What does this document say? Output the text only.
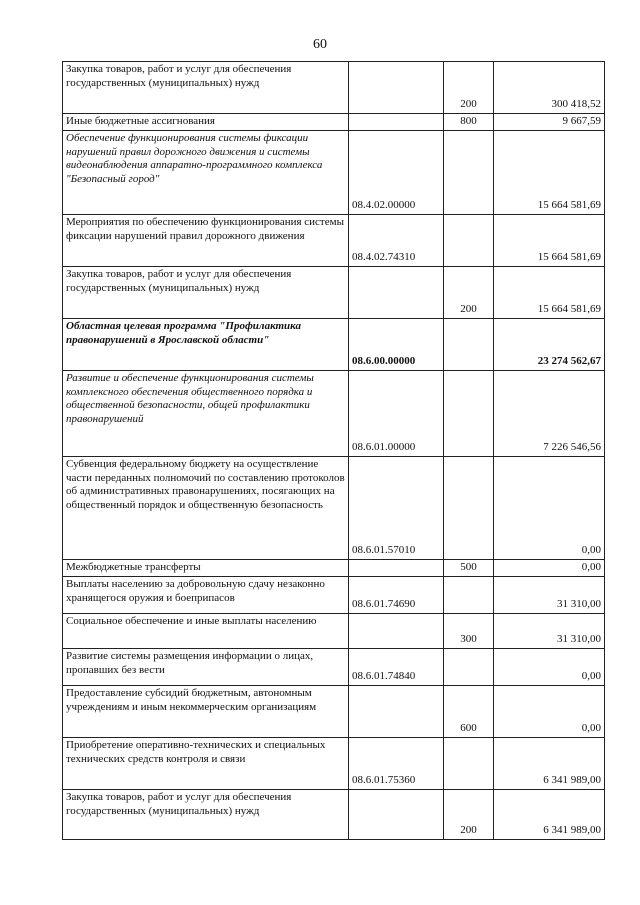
60
Закупка товаров, работ и услуг для обеспечения государственных (муниципальных) нужд		200	300 418,52
Иные бюджетные ассигнования		800	9 667,59
Обеспечение функционирования системы фиксации нарушений правил дорожного движения и системы видеонаблюдения аппаратно-программного комплекса "Безопасный город"	08.4.02.00000		15 664 581,69
Мероприятия по обеспечению функционирования системы фиксации нарушений правил дорожного движения	08.4.02.74310		15 664 581,69
Закупка товаров, работ и услуг для обеспечения государственных (муниципальных) нужд		200	15 664 581,69
Областная целевая программа "Профилактика правонарушений в Ярославской области"	08.6.00.00000		23 274 562,67
Развитие и обеспечение функционирования системы комплексного обеспечения общественного порядка и общественной безопасности, общей профилактики правонарушений	08.6.01.00000		7 226 546,56
Субвенция федеральному бюджету на осуществление части переданных полномочий по составлению протоколов об административных правонарушениях, посягающих на общественный порядок и общественную безопасность	08.6.01.57010		0,00
Межбюджетные трансферты		500	0,00
Выплаты населению за добровольную сдачу незаконно хранящегося оружия и боеприпасов	08.6.01.74690		31 310,00
Социальное обеспечение и иные выплаты населению		300	31 310,00
Развитие системы размещения информации о лицах, пропавших без вести	08.6.01.74840		0,00
Предоставление субсидий бюджетным, автономным учреждениям и иным некоммерческим организациям		600	0,00
Приобретение оперативно-технических и специальных технических средств контроля и связи	08.6.01.75360		6 341 989,00
Закупка товаров, работ и услуг для обеспечения государственных (муниципальных) нужд		200	6 341 989,00
